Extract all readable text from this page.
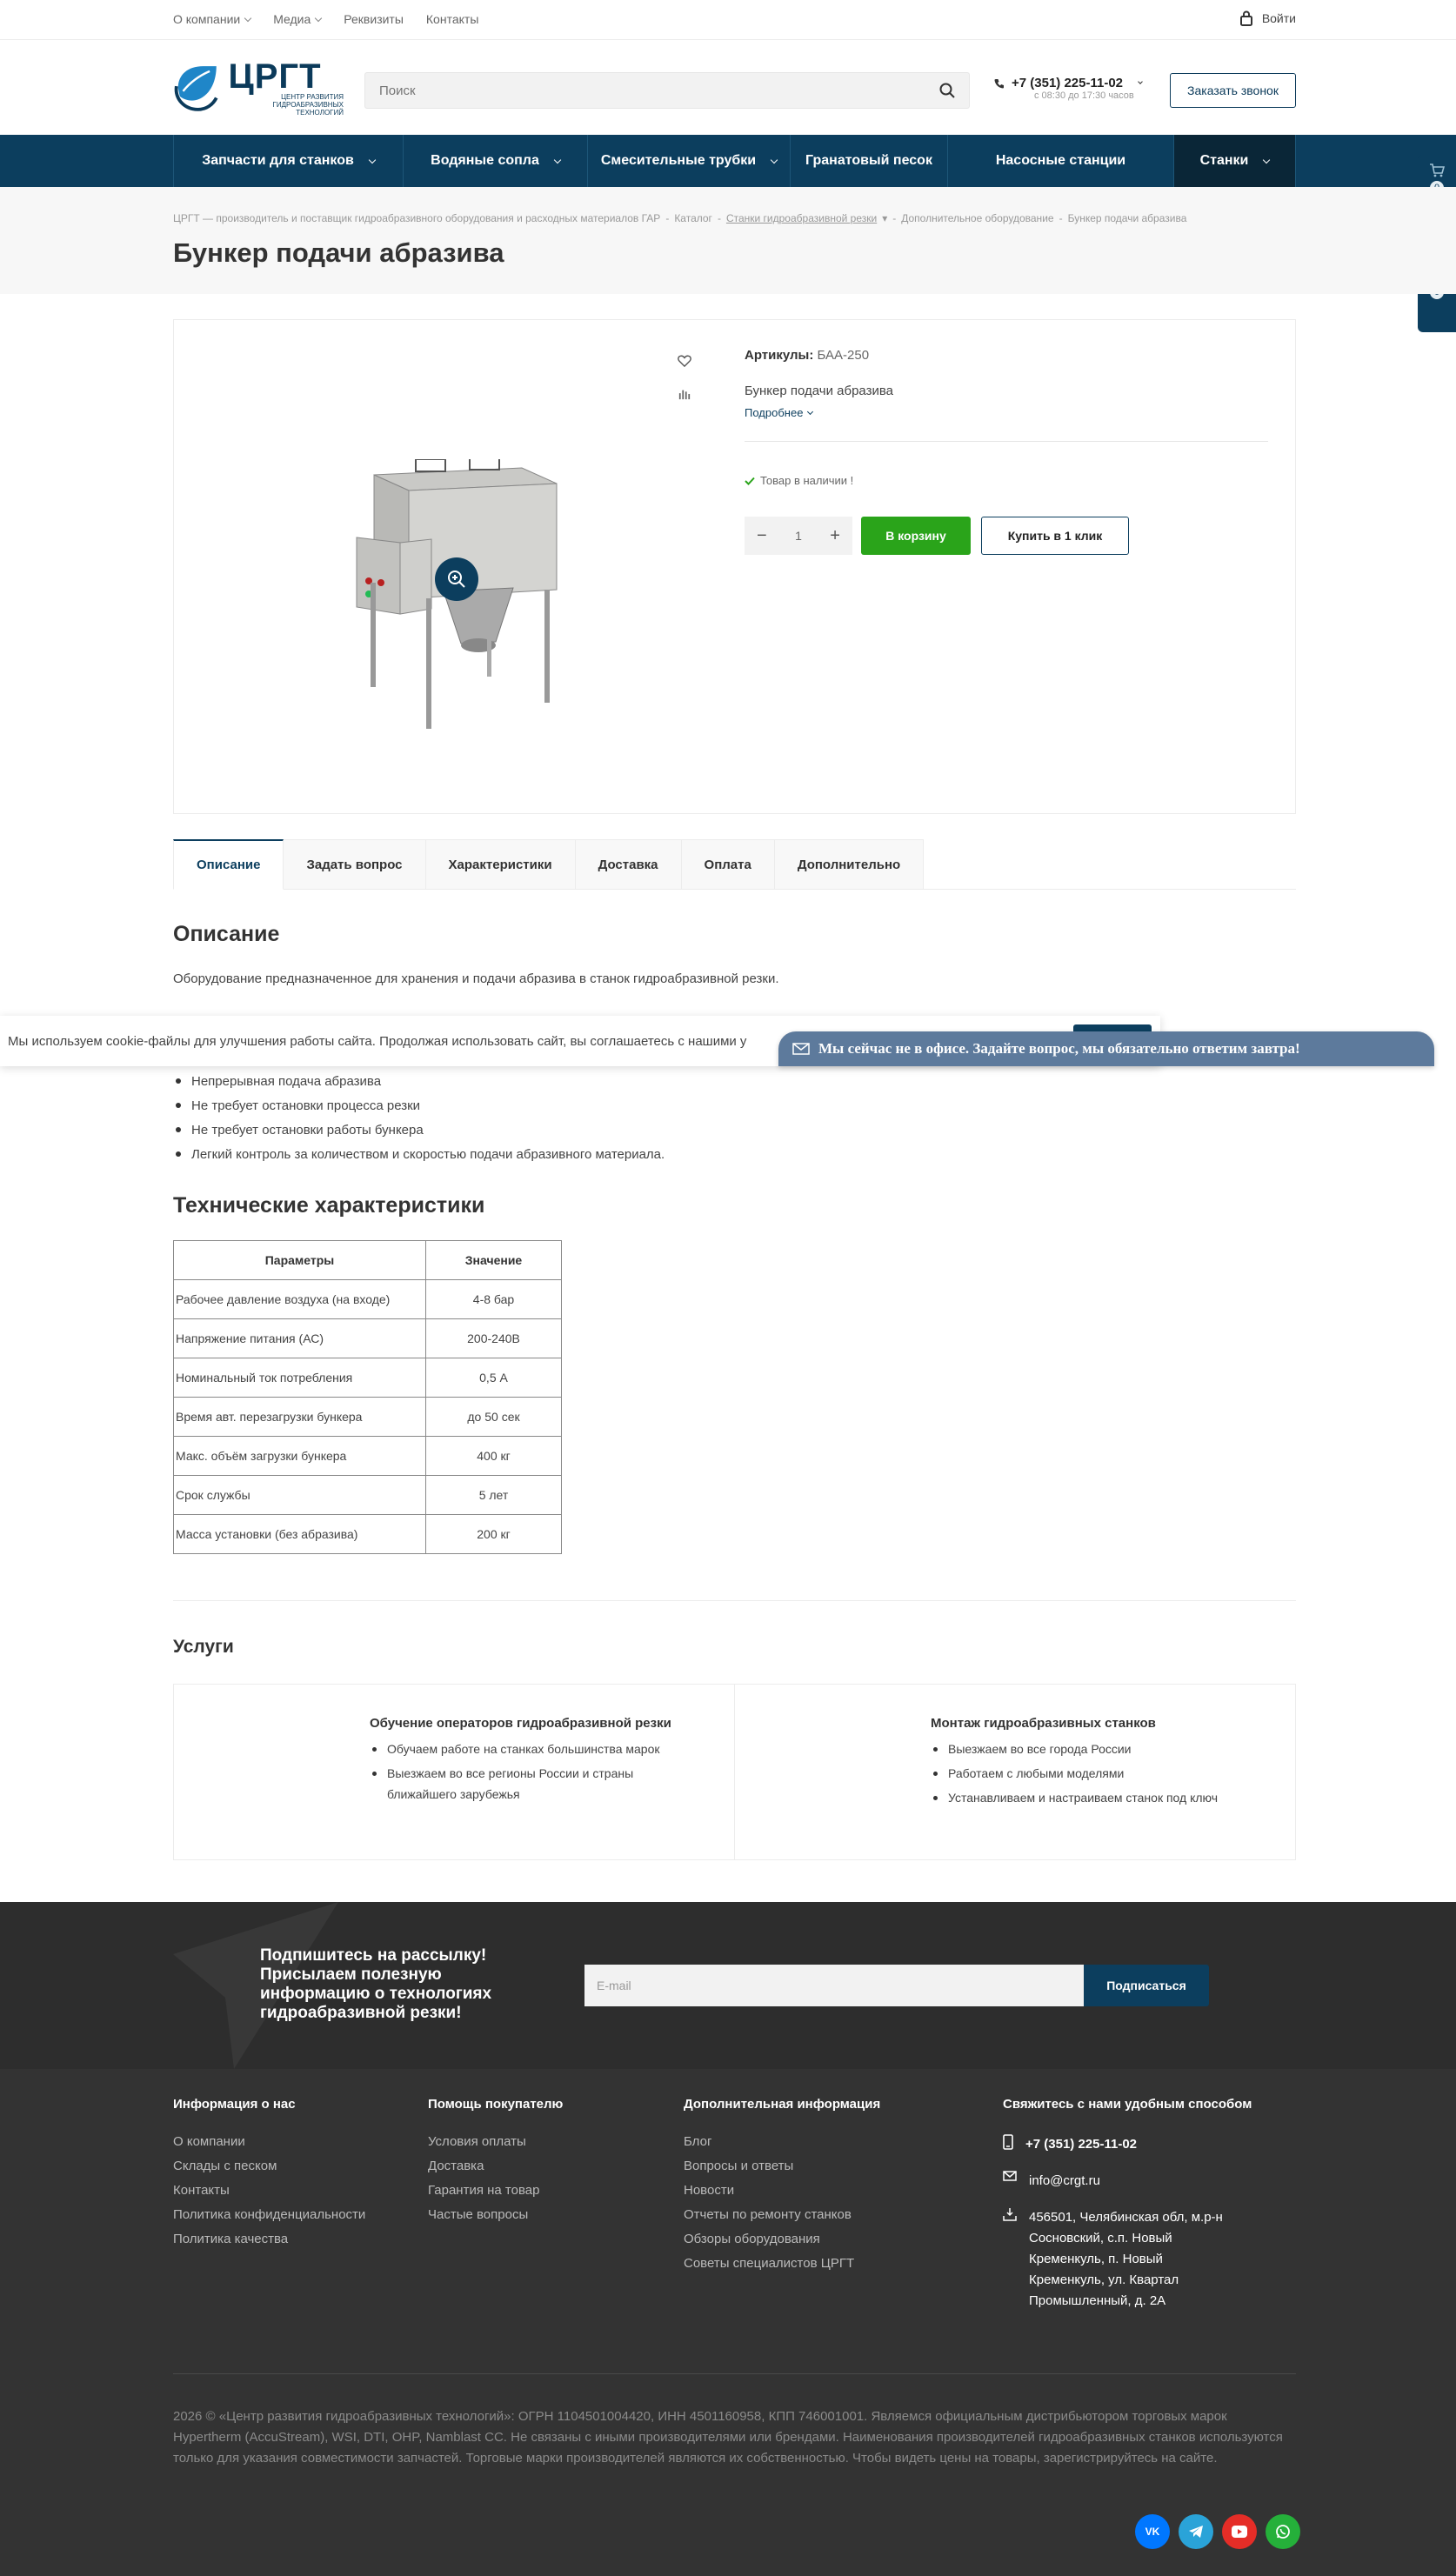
О компании	Медиа	Реквизиты Контакты	Войти
ЦРГТ
ЦЕНТР РАЗВИТИЯ
ГИДРОАБРАЗИВНЫХ ТЕХНОЛОГИЙ
Поиск
+7 (351) 225-11-02
с 08:30 до 17:30 часов	Заказать звонок
Запчасти для станков	Водяные сопла	Смесительные трубки	Гранатовый песок	Насосные станции	Станки
ЦРГТ — производитель и поставщик гидроабразивного оборудования и расходных материалов ГАР - Каталог - Станки гидроабразивной резки ▾ - Дополнительное оборудование - Бункер подачи абразива
Бункер подачи абразива
Артикулы: БАА-250
Бункер подачи абразива
Подробнее
Товар в наличии !
− 1 +	В корзину	Купить в 1 клик
Описание	Задать вопрос	Характеристики	Доставка	Оплата	Дополнительно
Описание

Оборудование предназначенное для хранения и подачи абразива в станок гидроабразивной резки.

Непрерывная подача абразива
Не требует остановки процесса резки
Не требует остановки работы бункера
Легкий контроль за количеством и скоростью подачи абразивного материала.
Мы используем cookie-файлы для улучшения работы сайта. Продолжая использовать сайт, вы соглашаетесь с нашими у	Мы сейчас не в офисе. Задайте вопрос, мы обязательно ответим завтра!
Технические характеристики
Параметры	Значение
Рабочее давление воздуха (на входе)	4-8 бар
Напряжение питания (АС)	200-240В
Номинальный ток потребления	0,5 А
Время авт. перезагрузки бункера	до 50 сек
Макс. объём загрузки бункера	400 кг
Срок службы	5 лет
Масса установки (без абразива)	200 кг
Услуги
Обучение операторов гидроабразивной резки
Обучаем работе на станках большинства марок
Выезжаем во все регионы России и страны ближайшего зарубежья
Монтаж гидроабразивных станков
Выезжаем во все города России
Работаем с любыми моделями
Устанавливаем и настраиваем станок под ключ
Подпишитесь на рассылку! Присылаем полезную информацию о технологиях гидроабразивной резки!
E-mail	Подписаться
Информация о нас
О компании
Склады с песком
Контакты
Политика конфиденциальности
Политика качества
Помощь покупателю
Условия оплаты
Доставка
Гарантия на товар
Частые вопросы
Дополнительная информация
Блог
Вопросы и ответы
Новости
Отчеты по ремонту станков
Обзоры оборудования
Советы специалистов ЦРГТ
Свяжитесь с нами удобным способом
+7 (351) 225-11-02
info@crgt.ru
456501, Челябинская обл, м.р-н Сосновский, с.п. Новый Кременкуль, п. Новый Кременкуль, ул. Квартал Промышленный, д. 2А
2026 © «Центр развития гидроабразивных технологий»: ОГРН 1104501004420, ИНН 4501160958, КПП 746001001. Являемся официальным дистрибьютором торговых марок Hypertherm (AccuStream), WSI, DTI, OHP, Namblast CC. Не связаны с иными производителями или брендами. Наименования производителей гидроабразивных станков используются только для указания совместимости запчастей. Торговые марки производителей являются их собственностью. Чтобы видеть цены на товары, зарегистрируйтесь на сайте.
VK
